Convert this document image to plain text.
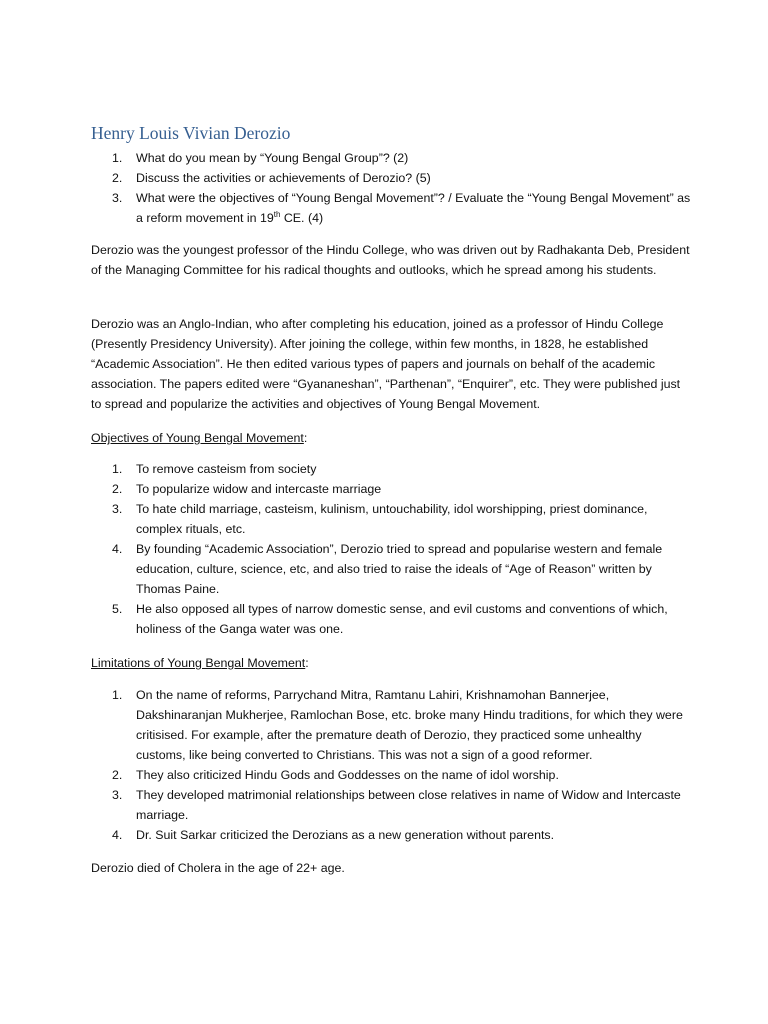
Henry Louis Vivian Derozio
1. What do you mean by “Young Bengal Group”? (2)
2. Discuss the activities or achievements of Derozio? (5)
3. What were the objectives of “Young Bengal Movement”? / Evaluate the “Young Bengal Movement” as a reform movement in 19th CE. (4)

Derozio was the youngest professor of the Hindu College, who was driven out by Radhakanta Deb, President of the Managing Committee for his radical thoughts and outlooks, which he spread among his students.

Derozio was an Anglo-Indian, who after completing his education, joined as a professor of Hindu College (Presently Presidency University). After joining the college, within few months, in 1828, he established “Academic Association”. He then edited various types of papers and journals on behalf of the academic association. The papers edited were “Gyananeshan”, “Parthenan”, “Enquirer”, etc. They were published just to spread and popularize the activities and objectives of Young Bengal Movement.

Objectives of Young Bengal Movement:

1. To remove casteism from society
2. To popularize widow and intercaste marriage
3. To hate child marriage, casteism, kulinism, untouchability, idol worshipping, priest dominance, complex rituals, etc.
4. By founding “Academic Association”, Derozio tried to spread and popularise western and female education, culture, science, etc, and also tried to raise the ideals of “Age of Reason” written by Thomas Paine.
5. He also opposed all types of narrow domestic sense, and evil customs and conventions of which, holiness of the Ganga water was one.

Limitations of Young Bengal Movement:

1. On the name of reforms, Parrychand Mitra, Ramtanu Lahiri, Krishnamohan Bannerjee, Dakshinaranjan Mukherjee, Ramlochan Bose, etc. broke many Hindu traditions, for which they were critisised. For example, after the premature death of Derozio, they practiced some unhealthy customs, like being converted to Christians. This was not a sign of a good reformer.
2. They also criticized Hindu Gods and Goddesses on the name of idol worship.
3. They developed matrimonial relationships between close relatives in name of Widow and Intercaste marriage.
4. Dr. Suit Sarkar criticized the Derozians as a new generation without parents.

Derozio died of Cholera in the age of 22+ age.
